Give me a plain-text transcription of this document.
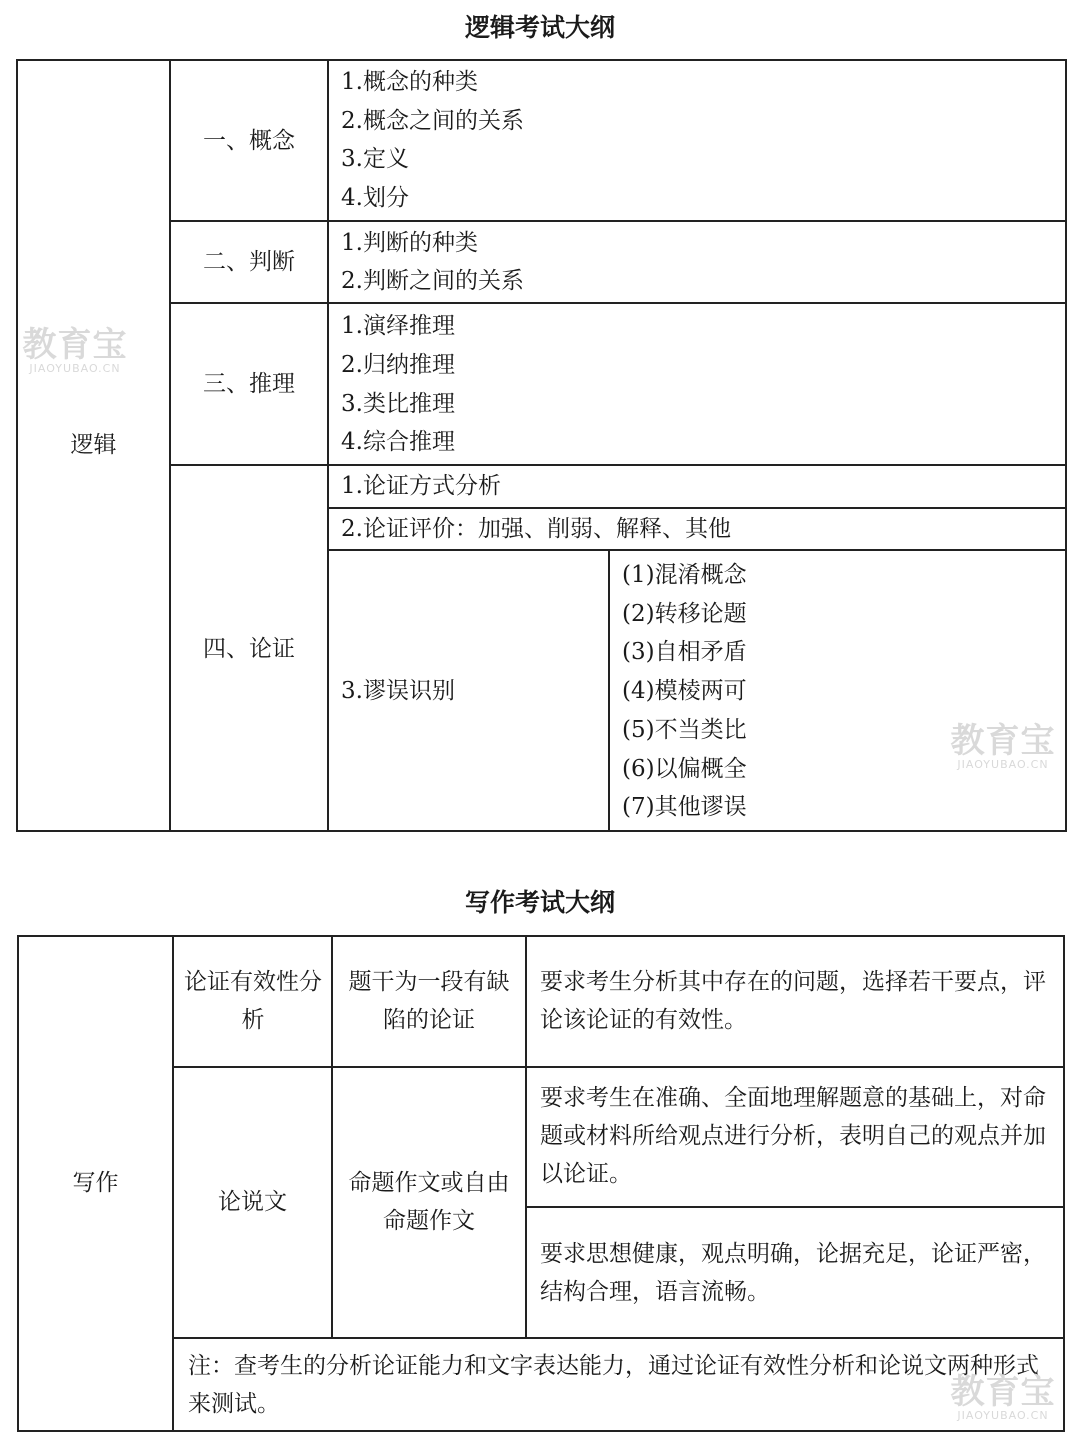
逻辑考试大纲
逻辑
一、概念
1.概念的种类
2.概念之间的关系
3.定义
4.划分
二、判断
1.判断的种类
2.判断之间的关系
三、推理
1.演绎推理
2.归纳推理
3.类比推理
4.综合推理
四、论证
1.论证方式分析
2.论证评价：加强、削弱、解释、其他
3.谬误识别
(1)混淆概念
(2)转移论题
(3)自相矛盾
(4)模棱两可
(5)不当类比
(6)以偏概全
(7)其他谬误
写作考试大纲
写作
论证有效性分析
题干为一段有缺陷的论证
要求考生分析其中存在的问题，选择若干要点，评论该论证的有效性。
论说文
命题作文或自由命题作文
要求考生在准确、全面地理解题意的基础上，对命题或材料所给观点进行分析，表明自己的观点并加以论证。
要求思想健康，观点明确，论据充足，论证严密，结构合理，语言流畅。
注：查考生的分析论证能力和文字表达能力，通过论证有效性分析和论说文两种形式来测试。
教育宝
JIAOYUBAO.CN
教育宝
JIAOYUBAO.CN
教育宝
JIAOYUBAO.CN
